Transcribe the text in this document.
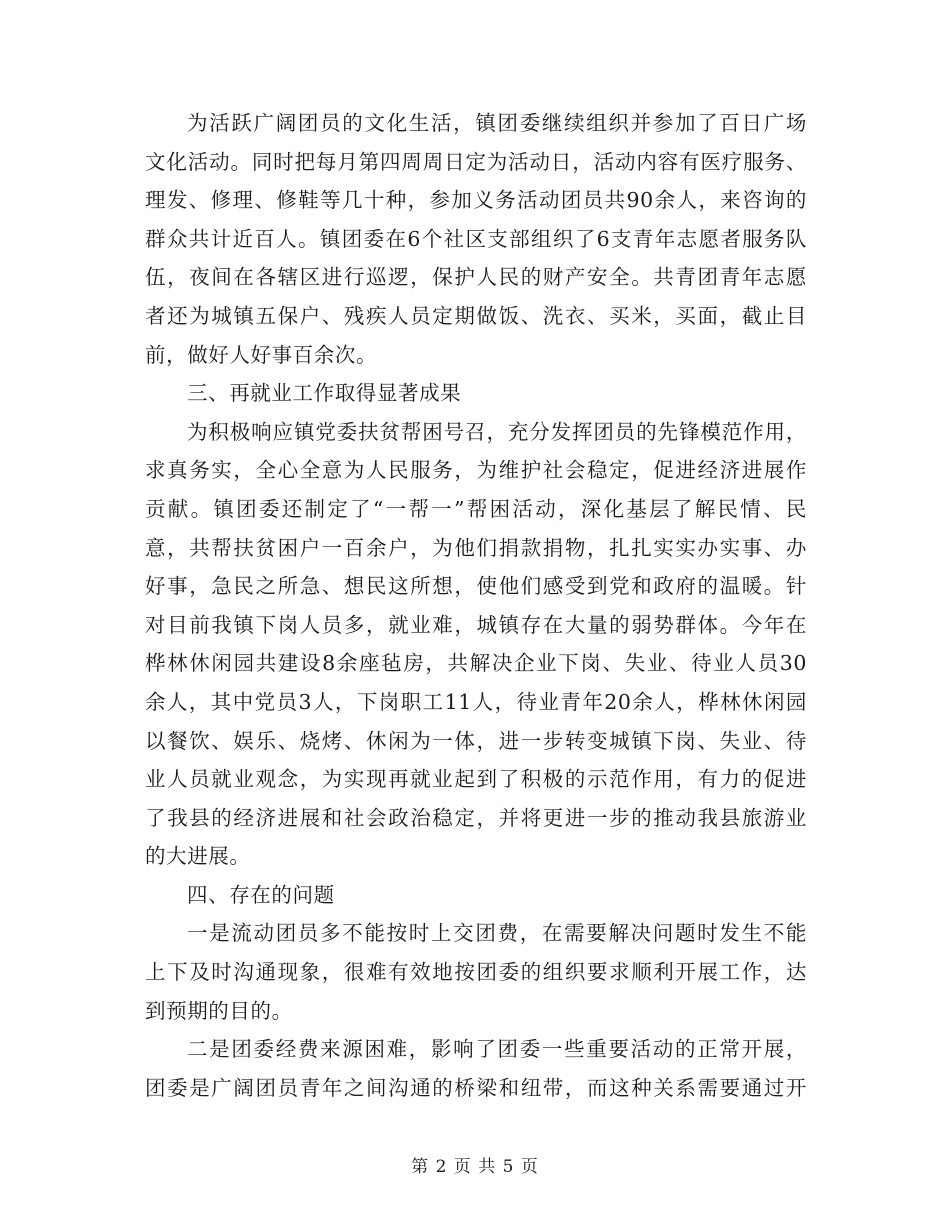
为活跃广阔团员的文化生活，镇团委继续组织并参加了百日广场
文化活动。同时把每月第四周周日定为活动日，活动内容有医疗服务、
理发、修理、修鞋等几十种，参加义务活动团员共90余人，来咨询的
群众共计近百人。镇团委在6个社区支部组织了6支青年志愿者服务队
伍，夜间在各辖区进行巡逻，保护人民的财产安全。共青团青年志愿
者还为城镇五保户、残疾人员定期做饭、洗衣、买米，买面，截止目
前，做好人好事百余次。

三、再就业工作取得显著成果

为积极响应镇党委扶贫帮困号召，充分发挥团员的先锋模范作用，
求真务实，全心全意为人民服务，为维护社会稳定，促进经济进展作
贡献。镇团委还制定了“一帮一”帮困活动，深化基层了解民情、民
意，共帮扶贫困户一百余户，为他们捐款捐物，扎扎实实办实事、办
好事，急民之所急、想民这所想，使他们感受到党和政府的温暖。针
对目前我镇下岗人员多，就业难，城镇存在大量的弱势群体。今年在
桦林休闲园共建设8余座毡房，共解决企业下岗、失业、待业人员30
余人，其中党员3人，下岗职工11人，待业青年20余人，桦林休闲园
以餐饮、娱乐、烧烤、休闲为一体，进一步转变城镇下岗、失业、待
业人员就业观念，为实现再就业起到了积极的示范作用，有力的促进
了我县的经济进展和社会政治稳定，并将更进一步的推动我县旅游业
的大进展。

四、存在的问题

一是流动团员多不能按时上交团费，在需要解决问题时发生不能
上下及时沟通现象，很难有效地按团委的组织要求顺利开展工作，达
到预期的目的。

二是团委经费来源困难，影响了团委一些重要活动的正常开展，
团委是广阔团员青年之间沟通的桥梁和纽带，而这种关系需要通过开

第 2 页 共 5 页
